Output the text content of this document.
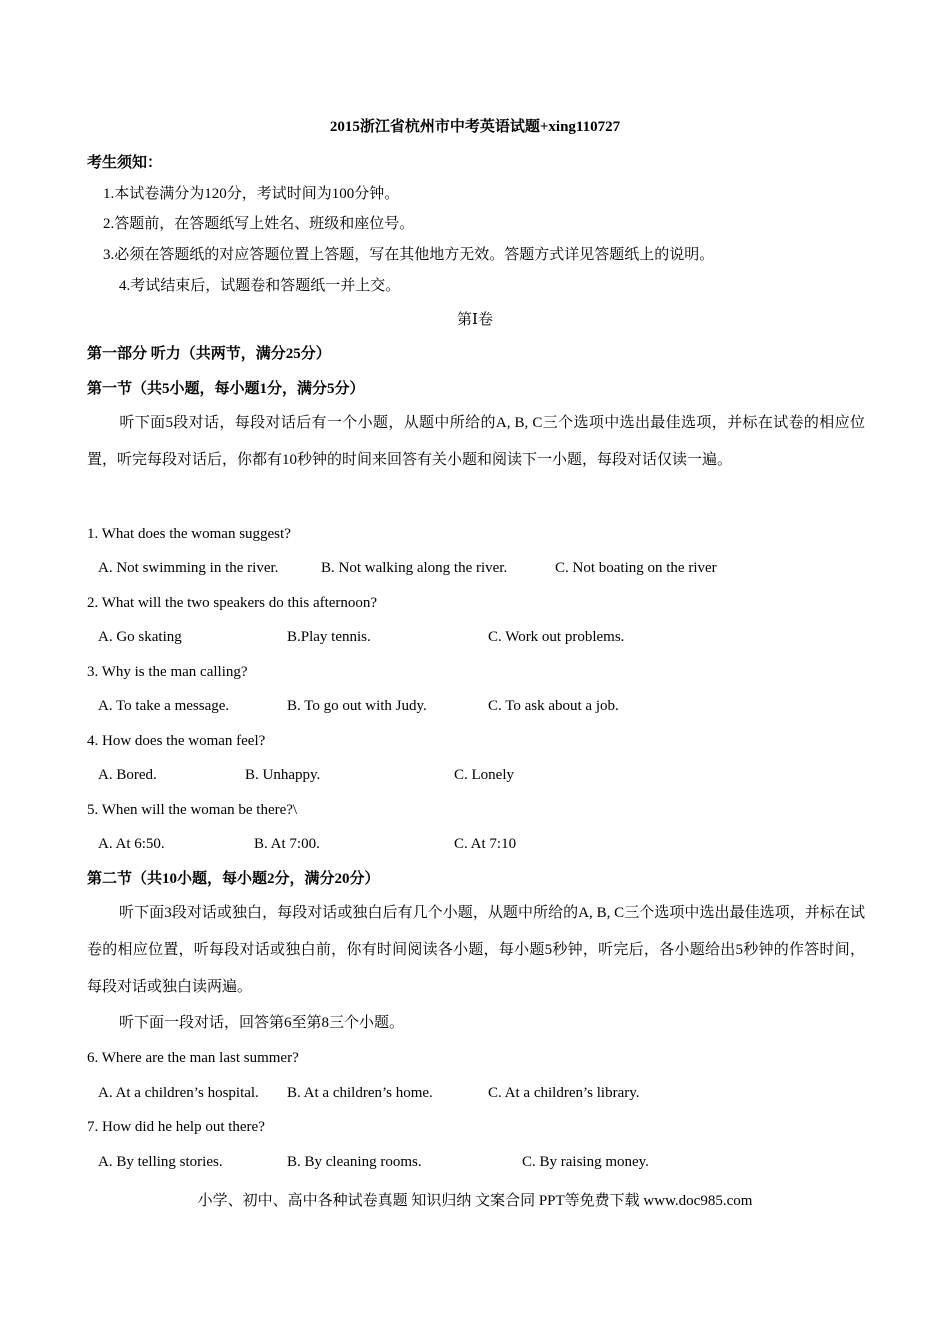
2015浙江省杭州市中考英语试题+xing110727
考生须知：
1.本试卷满分为120分，考试时间为100分钟。
2.答题前，在答题纸写上姓名、班级和座位号。
3.必须在答题纸的对应答题位置上答题，写在其他地方无效。答题方式详见答题纸上的说明。
4.考试结束后，试题卷和答题纸一并上交。
第Ⅰ卷
第一部分 听力（共两节，满分25分）
第一节（共5小题，每小题1分，满分5分）
听下面5段对话，每段对话后有一个小题，从题中所给的A, B, C三个选项中选出最佳选项，并标在试卷的相应位置，听完每段对话后，你都有10秒钟的时间来回答有关小题和阅读下一小题，每段对话仅读一遍。
1. What does the woman suggest?
A. Not swimming in the river.	B. Not walking along the river.	C. Not boating on the river
2. What will the two speakers do this afternoon?
A. Go skating	B.Play tennis.	C. Work out problems.
3. Why is the man calling?
A. To take a message.	B. To go out with Judy.	C. To ask about a job.
4. How does the woman feel?
A. Bored.	B. Unhappy.	C. Lonely
5. When will the woman be there?\
A. At 6:50.	B. At 7:00.	C. At 7:10
第二节（共10小题，每小题2分，满分20分）
听下面3段对话或独白，每段对话或独白后有几个小题，从题中所给的A, B, C三个选项中选出最佳选项，并标在试卷的相应位置，听每段对话或独白前，你有时间阅读各小题，每小题5秒钟，听完后，各小题给出5秒钟的作答时间，每段对话或独白读两遍。
听下面一段对话，回答第6至第8三个小题。
6. Where are the man last summer?
A. At a children’s hospital. B. At a children’s home.	C. At a children’s library.
7. How did he help out there?
A. By telling stories.	B. By cleaning rooms.	C. By raising money.
小学、初中、高中各种试卷真题 知识归纳 文案合同 PPT等免费下载 www.doc985.com
